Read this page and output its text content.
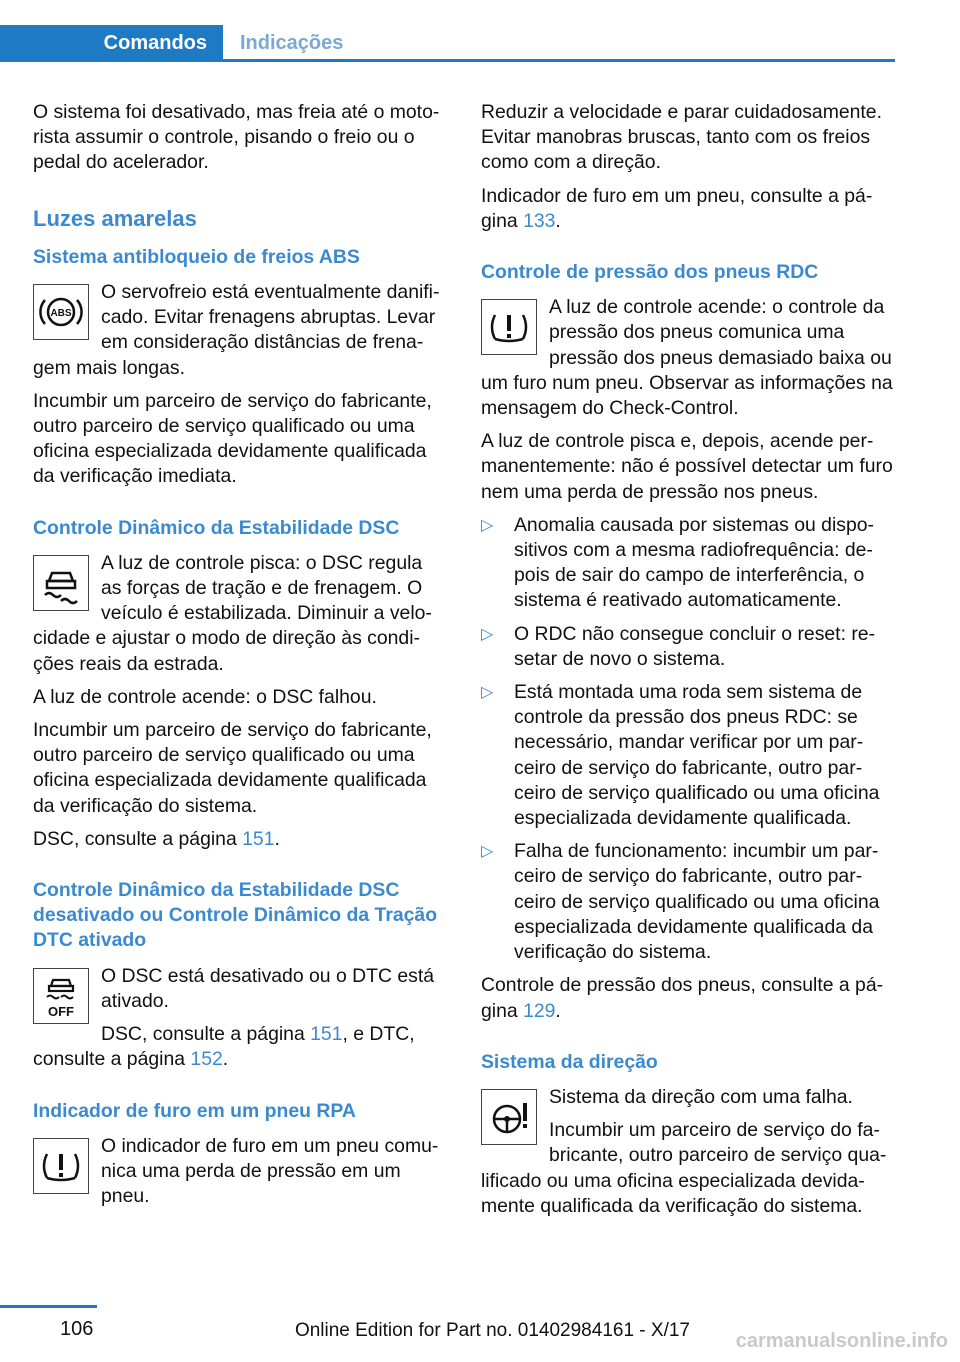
Comandos	Indicações

O sistema foi desativado, mas freia até o motorista assumir o controle, pisando o freio ou o pedal do acelerador.

Luzes amarelas
Sistema antibloqueio de freios ABS
ABS

O servofreio está eventualmente danificado. Evitar frenagens abruptas. Levar em consideração distâncias de frenagem mais longas.

Incumbir um parceiro de serviço do fabricante, outro parceiro de serviço qualificado ou uma oficina especializada devidamente qualificada da verificação imediata.

Controle Dinâmico da Estabilidade DSC

A luz de controle pisca: o DSC regula as forças de tração e de frenagem. O veículo é estabilizada. Diminuir a velocidade e ajustar o modo de direção às condições reais da estrada.

A luz de controle acende: o DSC falhou.

Incumbir um parceiro de serviço do fabricante, outro parceiro de serviço qualificado ou uma oficina especializada devidamente qualificada da verificação do sistema.

DSC, consulte a página 151.

Controle Dinâmico da Estabilidade DSC desativado ou Controle Dinâmico da Tração DTC ativado
OFF

O DSC está desativado ou o DTC está ativado.

DSC, consulte a página 151, e DTC, consulte a página 152.

Indicador de furo em um pneu RPA

O indicador de furo em um pneu comunica uma perda de pressão em um pneu.

Reduzir a velocidade e parar cuidadosamente. Evitar manobras bruscas, tanto com os freios como com a direção.

Indicador de furo em um pneu, consulte a página 133.

Controle de pressão dos pneus RDC

A luz de controle acende: o controle da pressão dos pneus comunica uma pressão dos pneus demasiado baixa ou um furo num pneu. Observar as informações na mensagem do Check-Control.

A luz de controle pisca e, depois, acende permanentemente: não é possível detectar um furo nem uma perda de pressão nos pneus.

▷ Anomalia causada por sistemas ou dispositivos com a mesma radiofrequência: depois de sair do campo de interferência, o sistema é reativado automaticamente.
▷ O RDC não consegue concluir o reset: resetar de novo o sistema.
▷ Está montada uma roda sem sistema de controle da pressão dos pneus RDC: se necessário, mandar verificar por um parceiro de serviço do fabricante, outro parceiro de serviço qualificado ou uma oficina especializada devidamente qualificada.
▷ Falha de funcionamento: incumbir um parceiro de serviço do fabricante, outro parceiro de serviço qualificado ou uma oficina especializada devidamente qualificada da verificação do sistema.

Controle de pressão dos pneus, consulte a página 129.

Sistema da direção

Sistema da direção com uma falha.

Incumbir um parceiro de serviço do fabricante, outro parceiro de serviço qualificado ou uma oficina especializada devidamente qualificada da verificação do sistema.

106	Online Edition for Part no. 01402984161 - X/17 carmanualsonline.info
